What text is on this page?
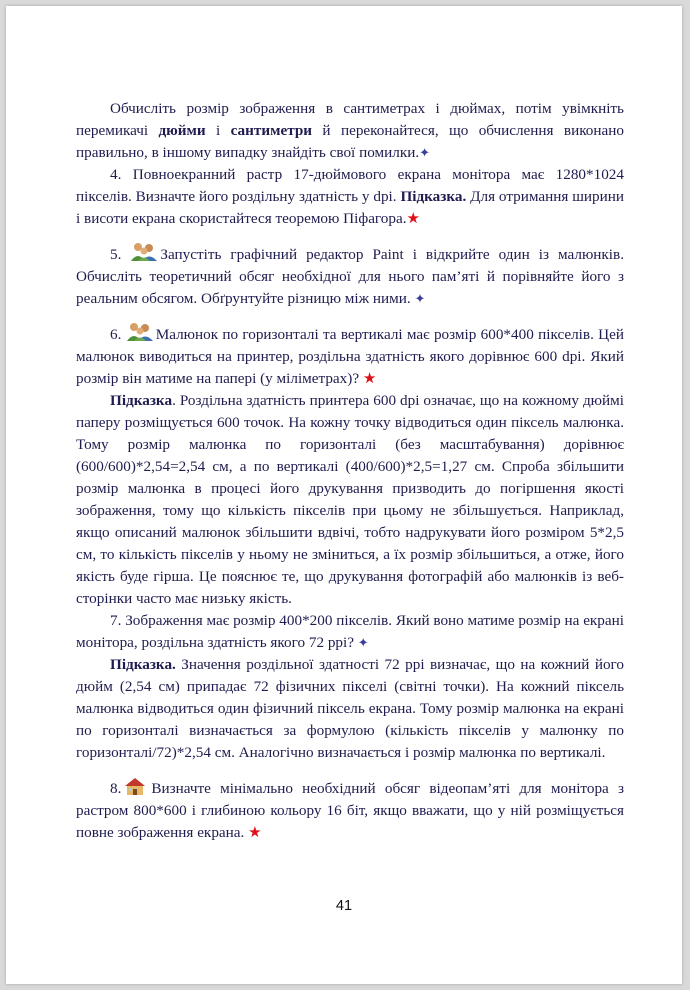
Обчисліть розмір зображення в сантиметрах і дюймах, потім увімкніть перемикачі дюйми і сантиметри й переконайтеся, що обчислення виконано правильно, в іншому випадку знайдіть свої помилки.✦

4. Повноекранний растр 17-дюймового екрана монітора має 1280*1024 пікселів. Визначте його роздільну здатність у dpi. Підказка. Для отримання ширини і висоти екрана скористайтеся теоремою Піфагора.★

5.
Запустіть графічний редактор Paint і відкрийте один із малюнків. Обчисліть теоретичний обсяг необхідної для нього пам’яті й порівняйте його з реальним обсягом. Обґрунтуйте різницю між ними. ✦

6.
Малюнок по горизонталі та вертикалі має розмір 600*400 пікселів. Цей малюнок виводиться на принтер, роздільна здатність якого дорівнює 600 dpi. Який розмір він матиме на папері (у міліметрах)? ★

Підказка. Роздільна здатність принтера 600 dpi означає, що на кожному дюймі паперу розміщується 600 точок. На кожну точку відводиться один піксель малюнка. Тому розмір малюнка по горизонталі (без масштабування) дорівнює (600/600)*2,54=2,54 см, а по вертикалі (400/600)*2,5=1,27 см. Спроба збільшити розмір малюнка в процесі його друкування призводить до погіршення якості зображення, тому що кількість пікселів при цьому не збільшується. Наприклад, якщо описаний малюнок збільшити вдвічі, тобто надрукувати його розміром 5*2,5 см, то кількість пікселів у ньому не зміниться, а їх розмір збільшиться, а отже, його якість буде гірша. Це пояснює те, що друкування фотографій або малюнків із веб-сторінки часто має низьку якість.

7. Зображення має розмір 400*200 пікселів. Який воно матиме розмір на екрані монітора, роздільна здатність якого 72 ррі? ✦

Підказка. Значення роздільної здатності 72 ррі визначає, що на кожний його дюйм (2,54 см) припадає 72 фізичних пікселі (світні точки). На кожний піксель малюнка відводиться один фізичний піксель екрана. Тому розмір малюнка на екрані по горизонталі визначається за формулою (кількість пікселів у малюнку по горизонталі/72)*2,54 см. Аналогічно визначається і розмір малюнка по вертикалі.

8. Визначте мінімально необхідний обсяг відеопам’яті для монітора з растром 800*600 і глибиною кольору 16 біт, якщо вважати, що у ній розміщується повне зображення екрана. ★

41
